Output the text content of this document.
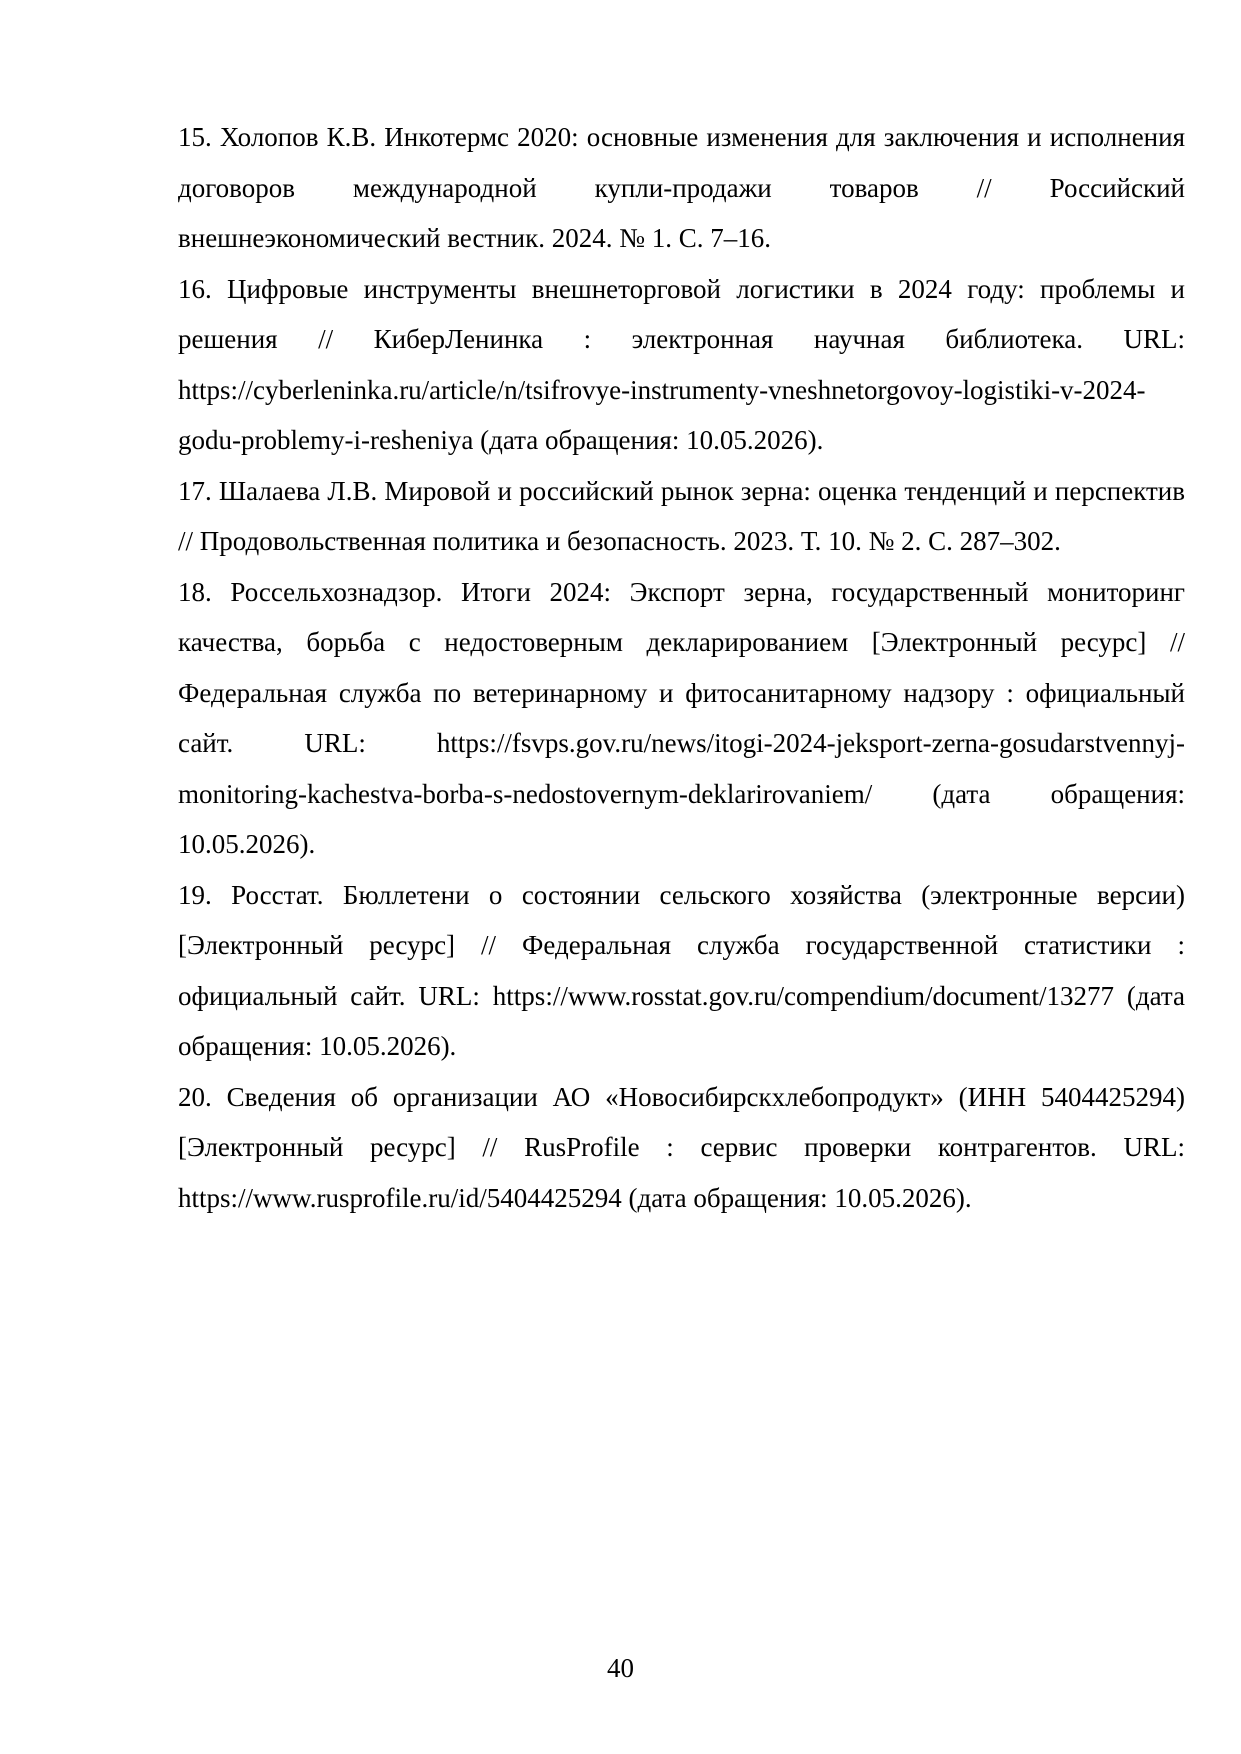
15. Холопов К.В. Инкотермс 2020: основные изменения для заключения и исполнения договоров международной купли-продажи товаров // Российский внешнеэкономический вестник. 2024. № 1. С. 7–16.
16. Цифровые инструменты внешнеторговой логистики в 2024 году: проблемы и решения // КиберЛенинка : электронная научная библиотека. URL: https://cyberleninka.ru/article/n/tsifrovye-instrumenty-vneshnetorgovoy-logistiki-v-2024-godu-problemy-i-resheniya (дата обращения: 10.05.2026).
17. Шалаева Л.В. Мировой и российский рынок зерна: оценка тенденций и перспектив // Продовольственная политика и безопасность. 2023. Т. 10. № 2. С. 287–302.
18. Россельхознадзор. Итоги 2024: Экспорт зерна, государственный мониторинг качества, борьба с недостоверным декларированием [Электронный ресурс] // Федеральная служба по ветеринарному и фитосанитарному надзору : официальный сайт. URL: https://fsvps.gov.ru/news/itogi-2024-jeksport-zerna-gosudarstvennyj-monitoring-kachestva-borba-s-nedostovernym-deklarirovaniem/ (дата обращения: 10.05.2026).
19. Росстат. Бюллетени о состоянии сельского хозяйства (электронные версии) [Электронный ресурс] // Федеральная служба государственной статистики : официальный сайт. URL: https://www.rosstat.gov.ru/compendium/document/13277 (дата обращения: 10.05.2026).
20. Сведения об организации АО «Новосибирскхлебопродукт» (ИНН 5404425294) [Электронный ресурс] // RusProfile : сервис проверки контрагентов. URL: https://www.rusprofile.ru/id/5404425294 (дата обращения: 10.05.2026).
40
